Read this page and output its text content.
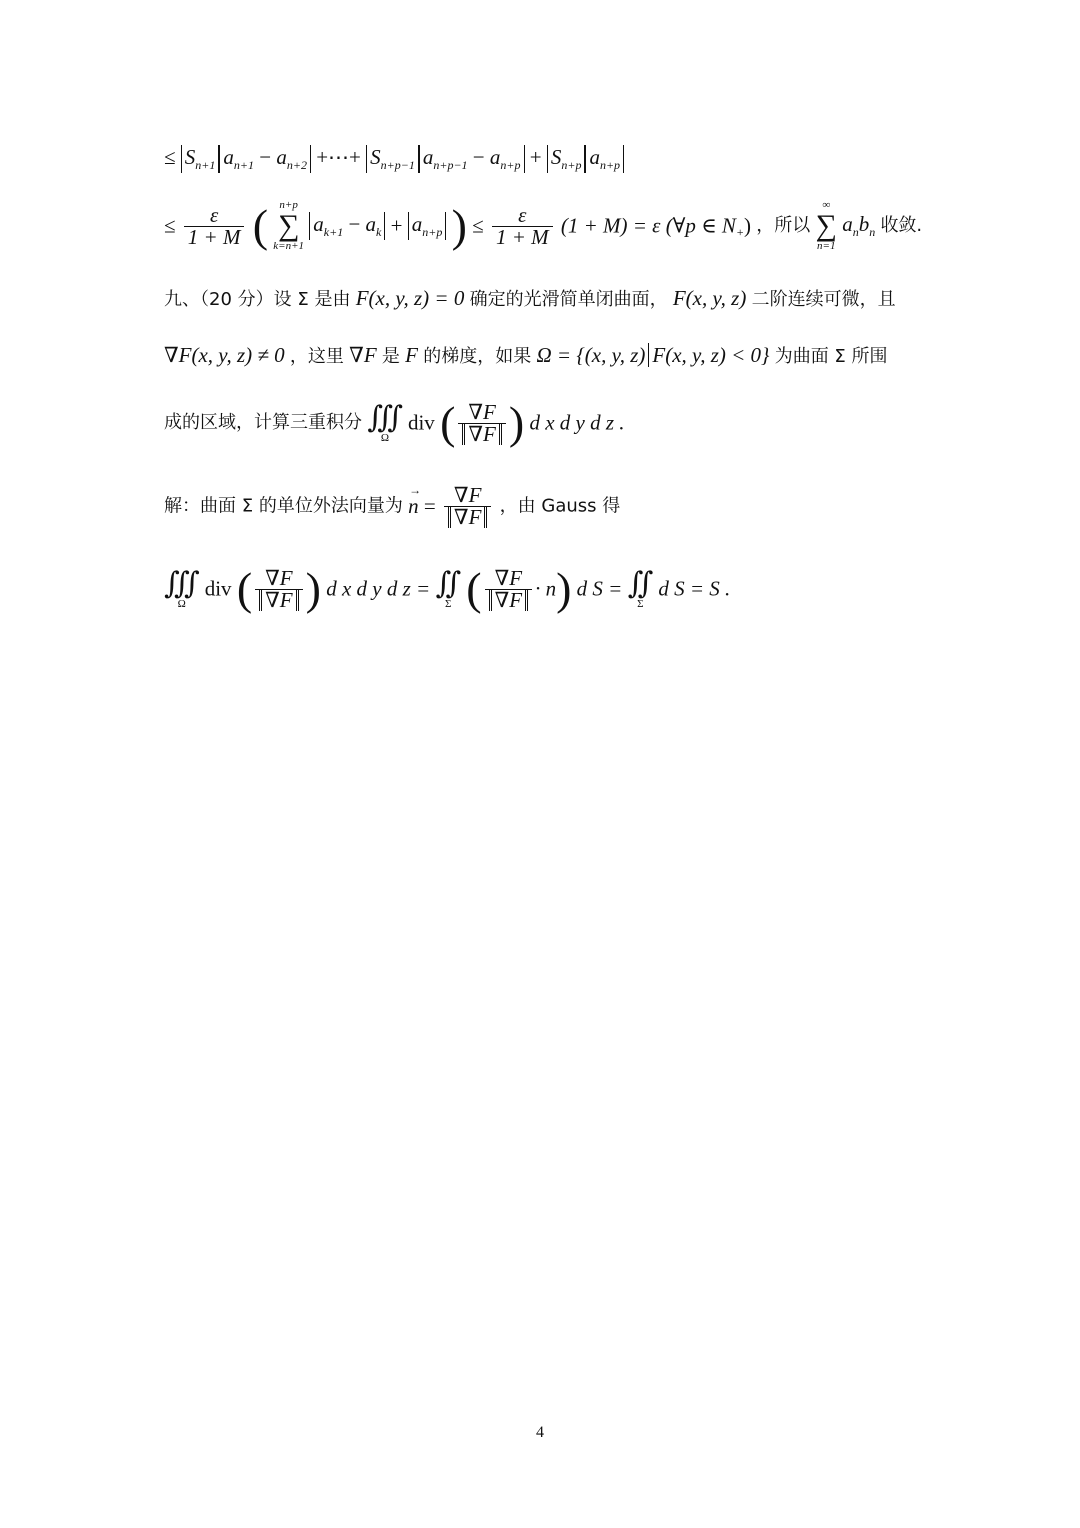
≤ $S_{n+1}$ $a_{n+1} - a_{n+2}$ +⋯+ $S_{n+p-1}$ $a_{n+p-1} - a_{n+p} + S_{n+p}$ $a_{n+p}$
≤ $\frac{\varepsilon}{1 + M}$ (	n+p
∑
k=n+1
$a_{k+1} - a_k + a_{n+p}$ ) ≤ $\frac{\varepsilon}{1 + M} (1 + M) = \varepsilon$ (∀p ∈ $N_+$) ，所以
∞
∑
n=1
$a_nb_n$ 收敛.
九、（20 分）设 Σ 是由 F(x, y, z) = 0 确定的光滑简单闭曲面， F(x, y, z) 二阶连续可微，且
∇F(x, y, z) ≠ 0 ，这里 ∇F 是 F 的梯度，如果 Ω = {(x, y, z) F(x, y, z) < 0} 为曲面 Σ 所围
成的区域，计算三重积分 ∭
Ω
div ( $\frac{\nabla F}{\nabla F}$ ) d x d y d z .
解：曲面 Σ 的单位外法向量为 n
→
= $\frac{\nabla F}{\nabla F}$ ，由 Gauss 得
∭
Ω
div ( $\frac{\nabla F}{\nabla F}$ ) d x d y d z = ∬
Σ ( $\frac{\nabla F}{\nabla F} \cdot n$) d S = ∬
Σ
d S = S .
4
